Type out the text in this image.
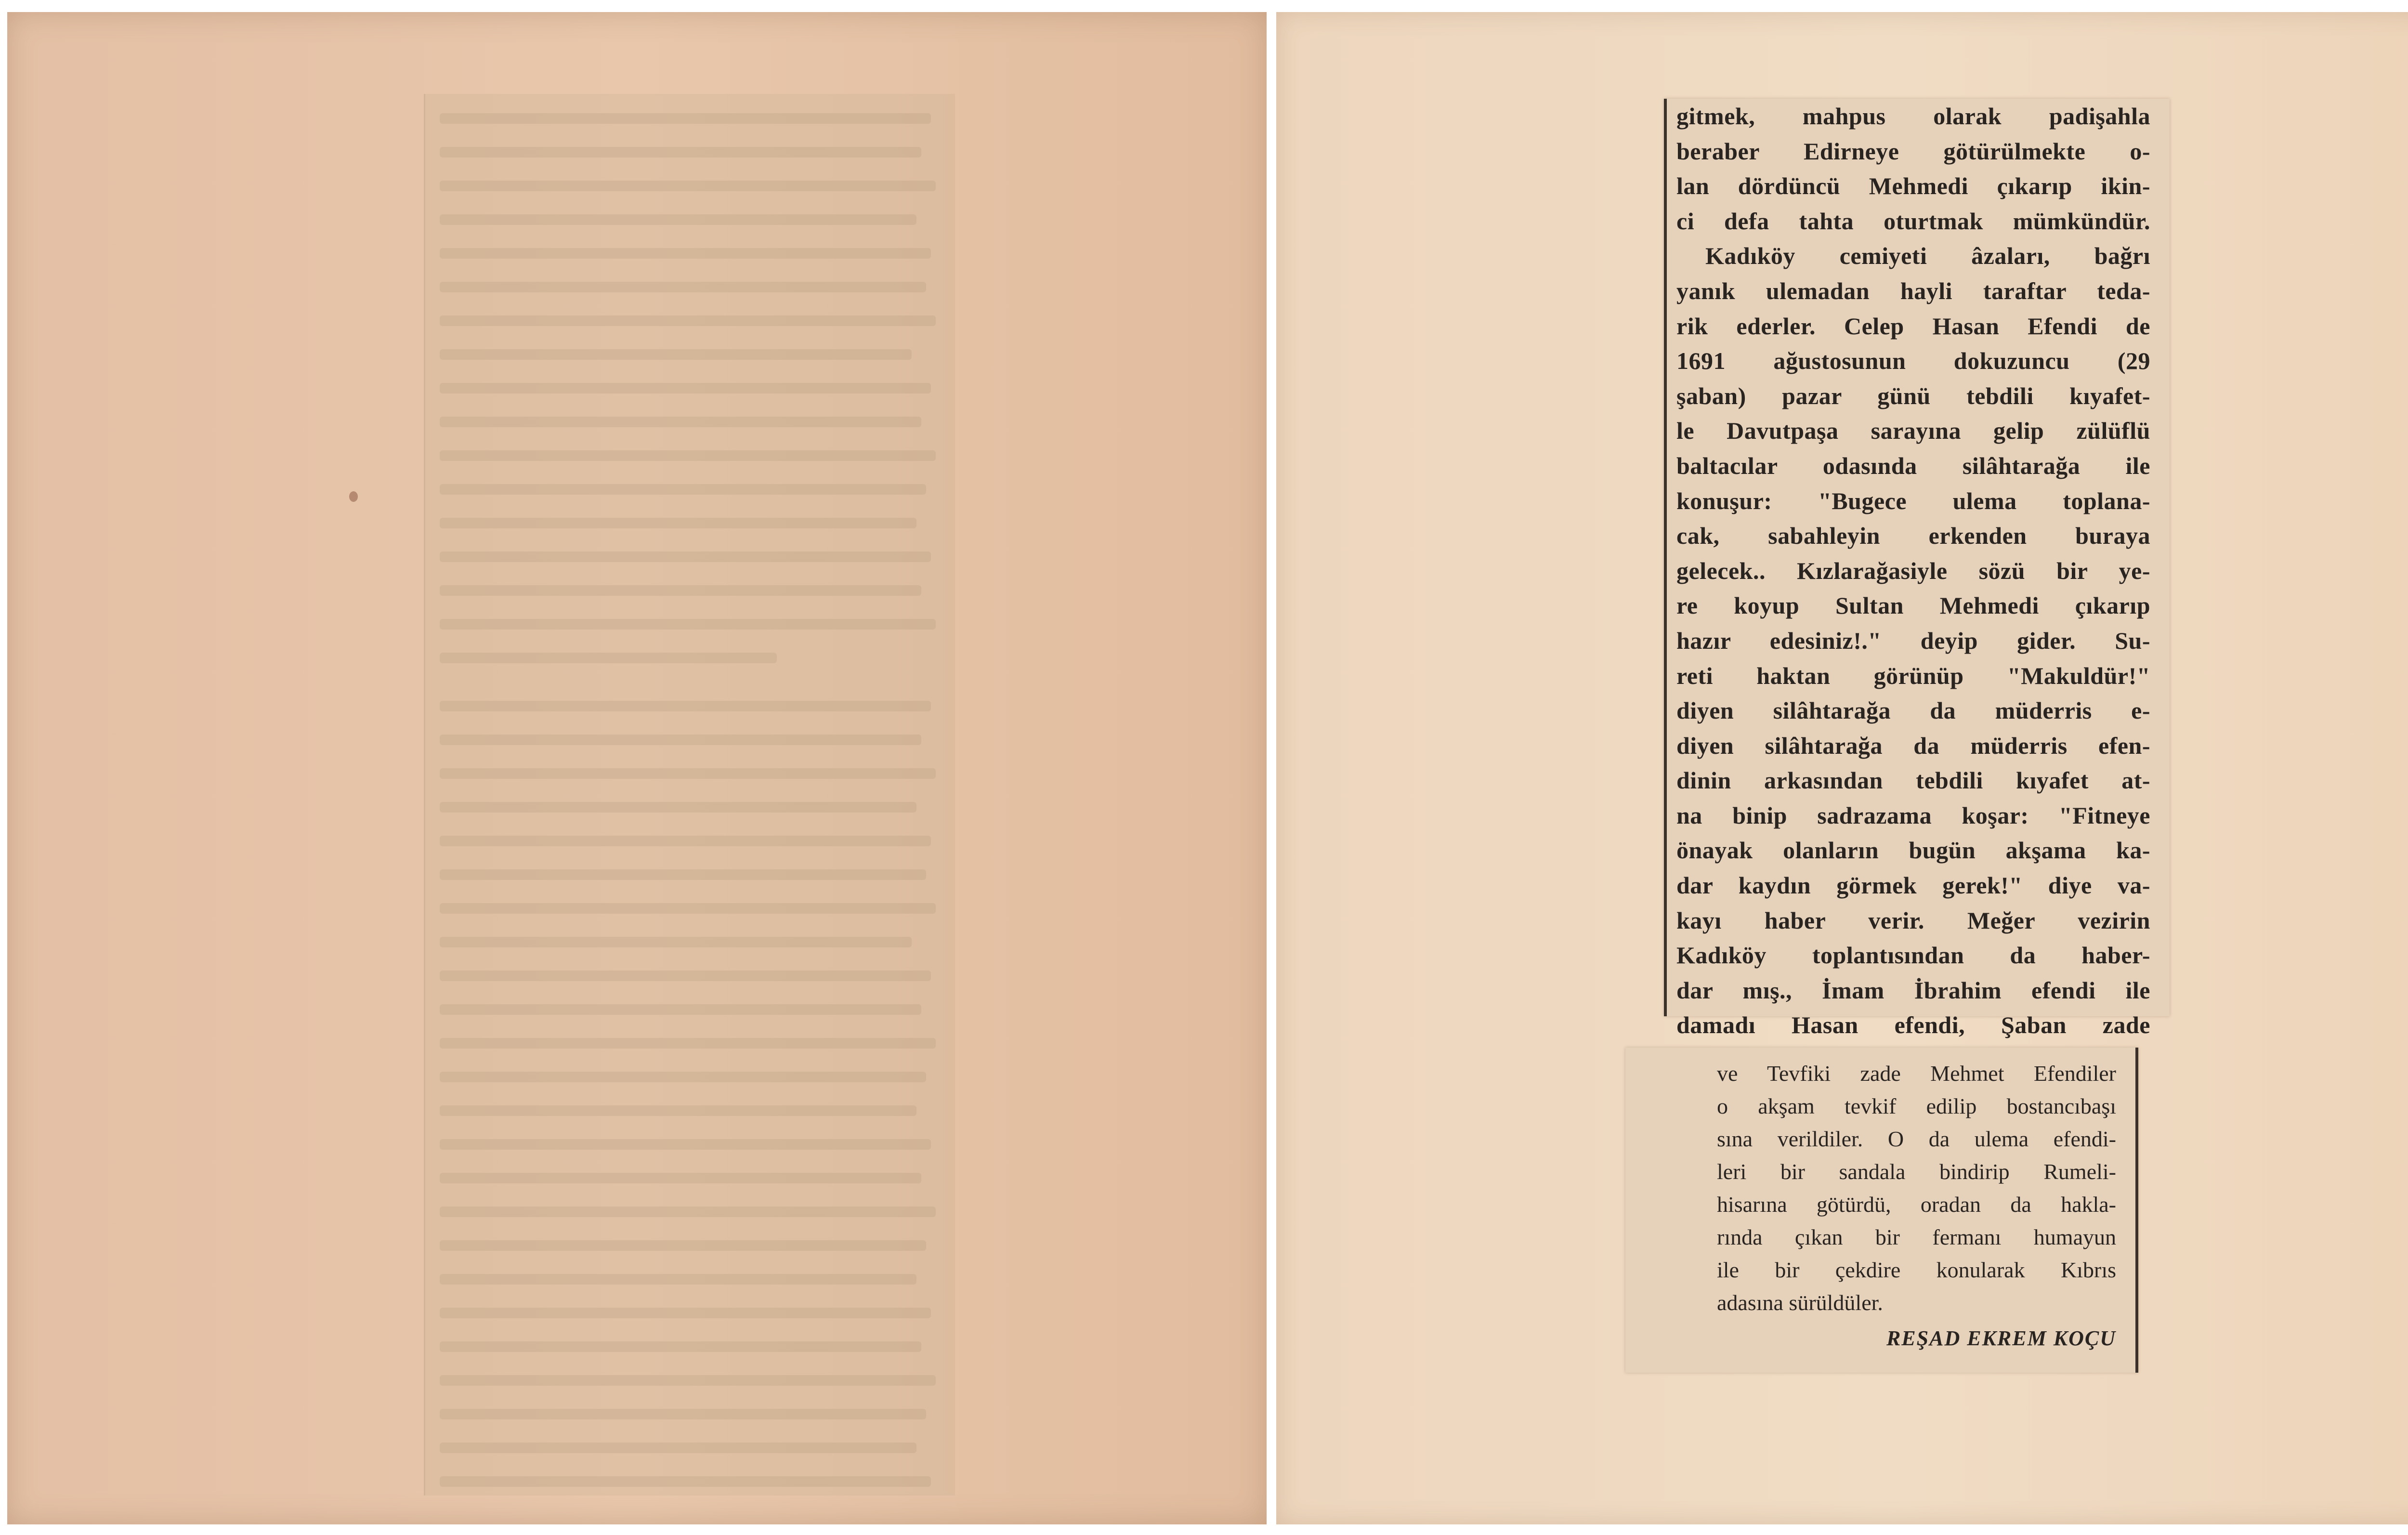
gitmek, mahpus olarak padişahla
beraber Edirneye götürülmekte o-
lan dördüncü Mehmedi çıkarıp ikin-
ci defa tahta oturtmak mümkündür.
Kadıköy cemiyeti âzaları, bağrı
yanık ulemadan hayli taraftar teda-
rik ederler. Celep Hasan Efendi de
1691 ağustosunun dokuzuncu (29
şaban) pazar günü tebdili kıyafet-
le Davutpaşa sarayına gelip zülüflü
baltacılar odasında silâhtarağa ile
konuşur: "Bugece ulema toplana-
cak, sabahleyin erkenden buraya
gelecek.. Kızlarağasiyle sözü bir ye-
re koyup Sultan Mehmedi çıkarıp
hazır edesiniz!." deyip gider. Su-
reti haktan görünüp "Makuldür!"
diyen silâhtarağa da müderris e-
diyen silâhtarağa da müderris efen-
dinin arkasından tebdili kıyafet at-
na binip sadrazama koşar: "Fitneye
önayak olanların bugün akşama ka-
dar kaydın görmek gerek!" diye va-
kayı haber verir. Meğer vezirin
Kadıköy toplantısından da haber-
dar mış., İmam İbrahim efendi ile
damadı Hasan efendi, Şaban zade
ve Tevfiki zade Mehmet Efendiler
o akşam tevkif edilip bostancıbaşı
sına verildiler. O da ulema efendi-
leri bir sandala bindirip Rumeli-
hisarına götürdü, oradan da hakla-
rında çıkan bir fermanı humayun
ile bir çekdire konularak Kıbrıs
adasına sürüldüler.
REŞAD EKREM KOÇU
